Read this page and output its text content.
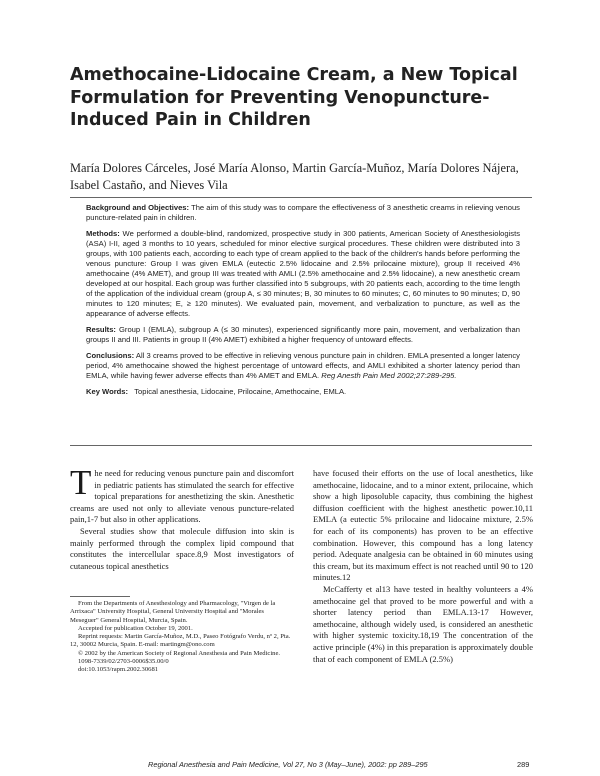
Amethocaine-Lidocaine Cream, a New Topical Formulation for Preventing Venopuncture-Induced Pain in Children
María Dolores Cárceles, José María Alonso, Martin García-Muñoz, María Dolores Nájera, Isabel Castaño, and Nieves Vila

Background and Objectives: The aim of this study was to compare the effectiveness of 3 anesthetic creams in relieving venous puncture-related pain in children.

Methods: We performed a double-blind, randomized, prospective study in 300 patients, American Society of Anesthesiologists (ASA) I-II, aged 3 months to 10 years, scheduled for minor elective surgical procedures. These children were distributed into 3 groups, with 100 patients each, according to each type of cream applied to the back of the children's hands before performing the venous puncture: Group I was given EMLA (eutectic 2.5% lidocaine and 2.5% prilocaine mixture), group II received 4% amethocaine (4% AMET), and group III was treated with AMLI (2.5% amethocaine and 2.5% lidocaine), a new anesthetic cream developed at our hospital. Each group was further classified into 5 subgroups, with 20 patients each, according to the time length of the application of the individual cream (group A, ≤ 30 minutes; B, 30 minutes to 60 minutes; C, 60 minutes to 90 minutes; D, 90 minutes to 120 minutes; E, ≥ 120 minutes). We evaluated pain, movement, and verbalization to puncture, as well as the appearance of adverse effects.

Results: Group I (EMLA), subgroup A (≤ 30 minutes), experienced significantly more pain, movement, and verbalization than groups II and III. Patients in group II (4% AMET) exhibited a higher frequency of untoward effects.

Conclusions: All 3 creams proved to be effective in relieving venous puncture pain in children. EMLA presented a longer latency period, 4% amethocaine showed the highest percentage of untoward effects, and AMLI exhibited a shorter latency period than EMLA, while having fewer adverse effects than 4% AMET and EMLA. Reg Anesth Pain Med 2002;27:289-295.

Key Words: Topical anesthesia, Lidocaine, Prilocaine, Amethocaine, EMLA.

The need for reducing venous puncture pain and discomfort in pediatric patients has stimulated the search for effective topical preparations for anesthetizing the skin. Anesthetic creams are used not only to alleviate venous puncture-related pain,1-7 but also in other applications.

Several studies show that molecule diffusion into skin is mainly performed through the complex lipid compound that constitutes the intercellular space.8,9 Most investigators of cutaneous topical anesthetics

have focused their efforts on the use of local anesthetics, like amethocaine, lidocaine, and to a minor extent, prilocaine, which show a high liposoluble capacity, thus combining the highest diffusion coefficient with the highest anesthetic power.10,11 EMLA (a eutectic 5% prilocaine and lidocaine mixture, 2.5% for each of its components) has proven to be an effective combination. However, this compound has a long latency period. Adequate analgesia can be obtained in 60 minutes using this cream, but its maximum effect is not reached until 90 to 120 minutes.12

McCafferty et al13 have tested in healthy volunteers a 4% amethocaine gel that proved to be more powerful and with a shorter latency period than EMLA.13-17 However, amethocaine, although widely used, is considered an anesthetic with higher systemic toxicity.18,19 The concentration of the active principle (4%) in this preparation is approximately double that of each component of EMLA (2.5%)

From the Departments of Anesthesiology and Pharmacology, "Virgen de la Arrixaca" University Hospital, General University Hospital and "Morales Meseguer" General Hospital, Murcia, Spain.

Accepted for publication October 19, 2001.

Reprint requests: Martin García-Muñoz, M.D., Paseo Fotógrafo Verdu, nº 2, Pta. 12, 30002 Murcia, Spain. E-mail: martingm@ono.com

© 2002 by the American Society of Regional Anesthesia and Pain Medicine.

1098-7339/02/2703-0006$35.00/0

doi:10.1053/rapm.2002.30681

Regional Anesthesia and Pain Medicine, Vol 27, No 3 (May–June), 2002: pp 289–295	289
